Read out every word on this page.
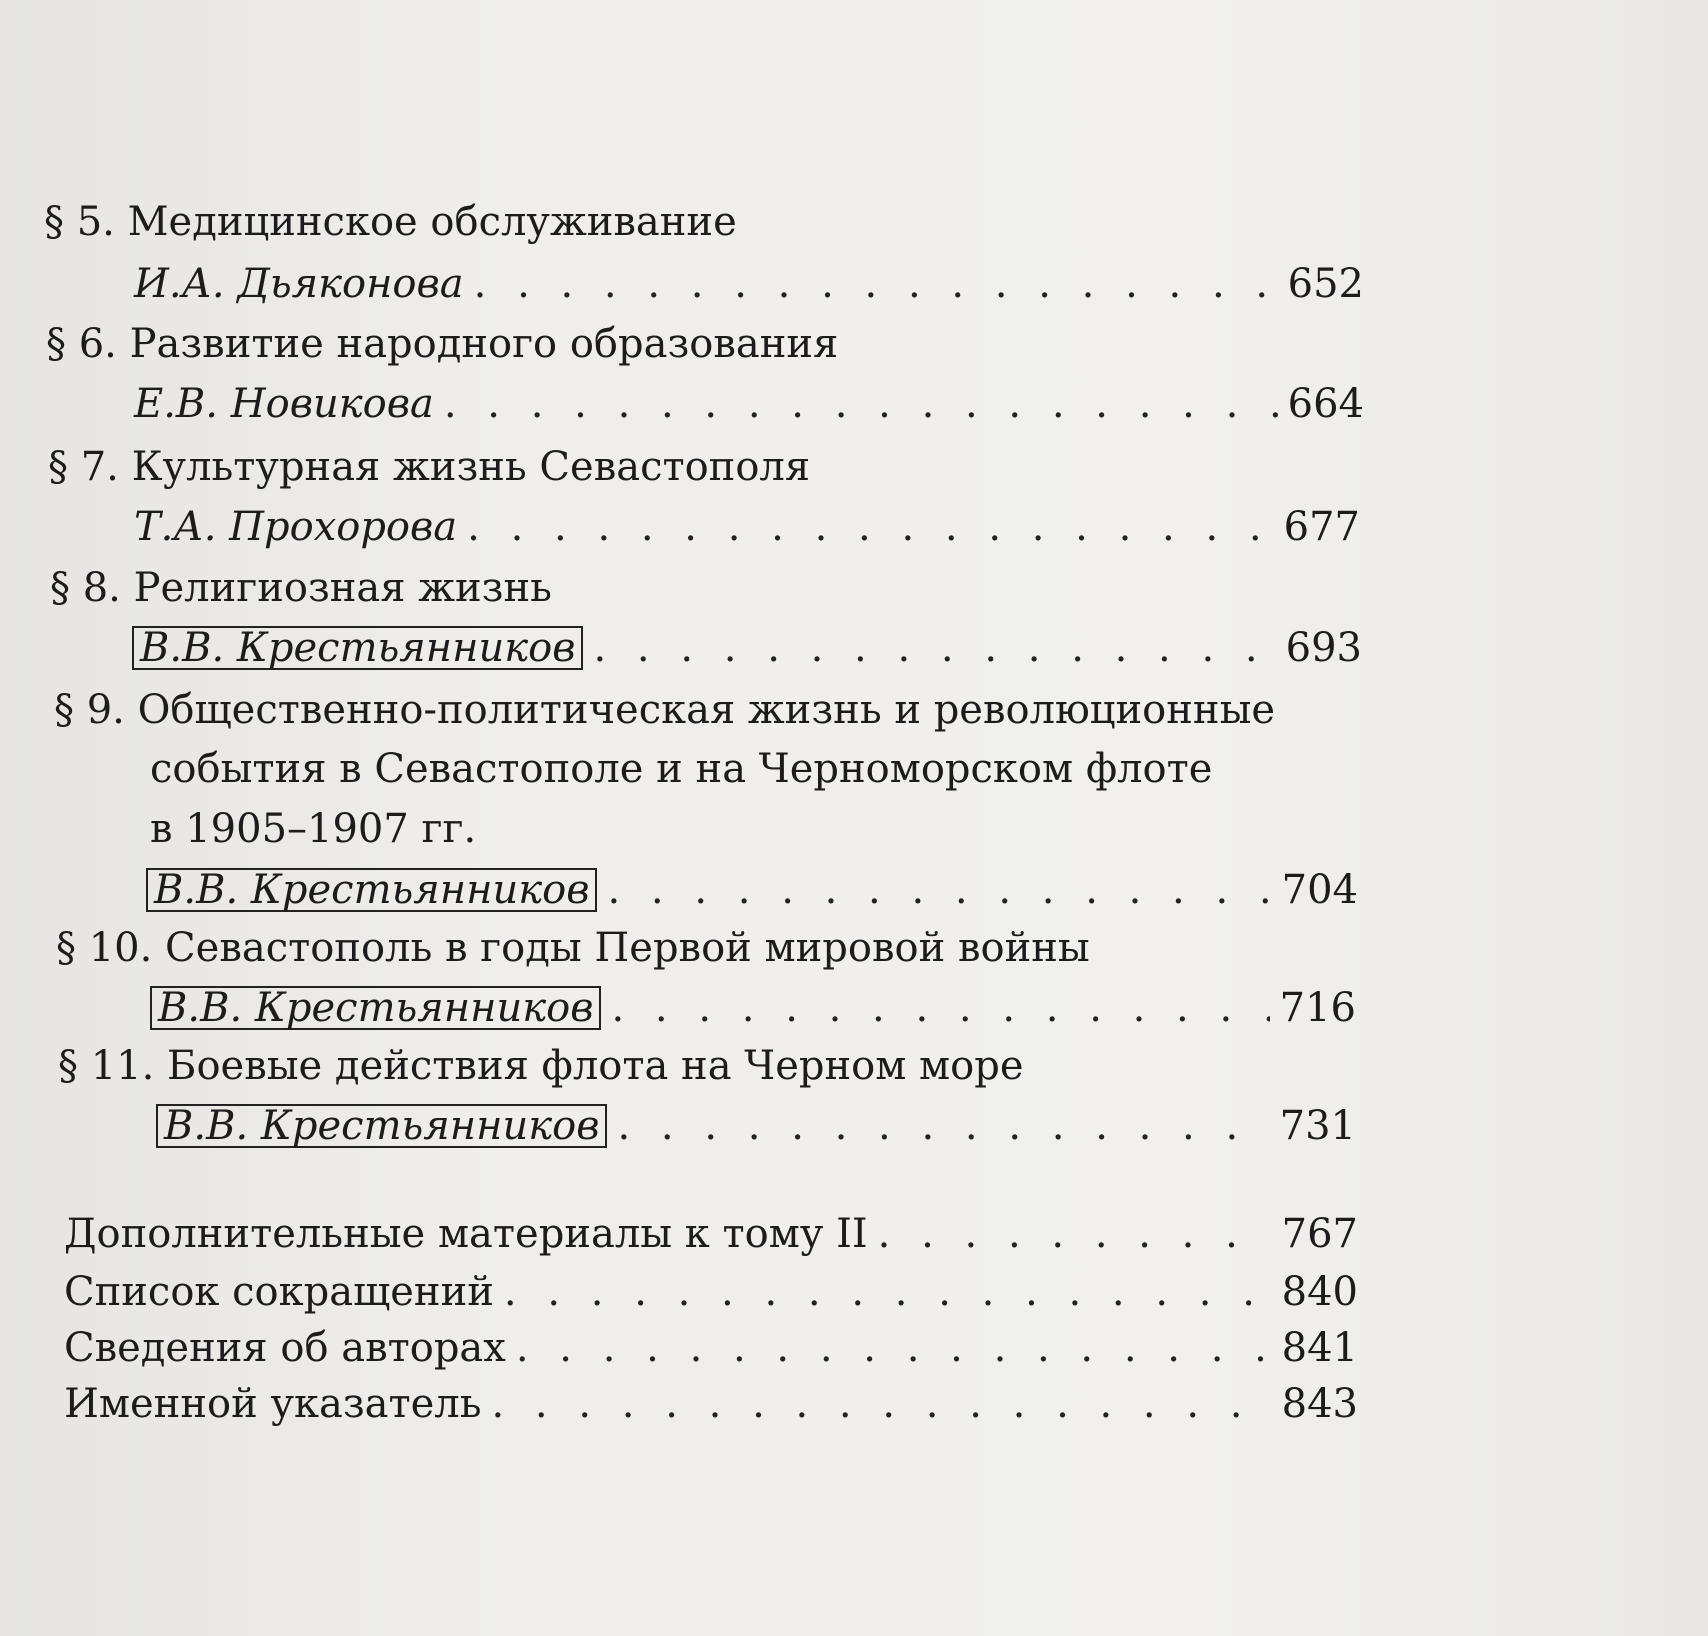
§ 5. Медицинское обслуживание
И.А. Дьяконова . . .	652
§ 6. Развитие народного образования
Е.В. Новикова . . .	664
§ 7. Культурная жизнь Севастополя
Т.А. Прохорова . . .	677
§ 8. Религиозная жизнь
В.В. Крестьянников . . .	693
§ 9. Общественно-политическая жизнь и революционные
события в Севастополе и на Черноморском флоте
в 1905–1907 гг.
В.В. Крестьянников . . .	704
§ 10. Севастополь в годы Первой мировой войны
В.В. Крестьянников . . .	716
§ 11. Боевые действия флота на Черном море
В.В. Крестьянников . . .	731
Дополнительные материалы к тому II . . .	767
Список сокращений . . .	840
Сведения об авторах . . .	841
Именной указатель . . .	843
